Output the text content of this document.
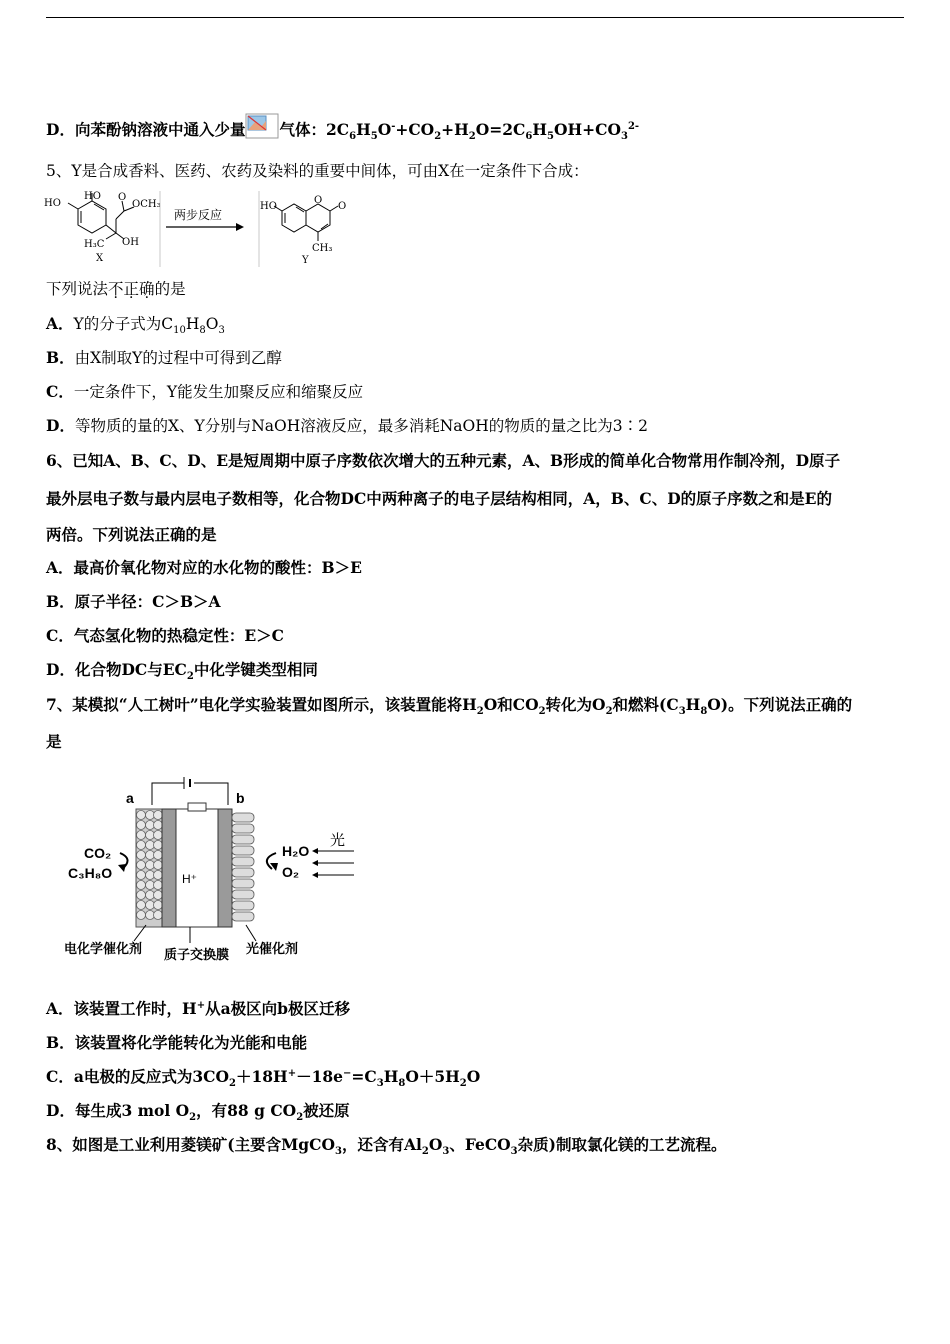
D．向苯酚钠溶液中通入少量 气体：$2C_6H_5O^-+CO_2+H_2O=2C_6H_5OH+CO_3^{2-}$
5、Y是合成香料、医药、农药及染料的重要中间体，可由X在一定条件下合成：
HO
HO O
OCH₃
H₃C OH
X
两步反应
HO
O
O
CH₃
Y
下列说法不正确的是
A．Y的分子式为$C_{10}H_8O_3$
B．由X制取Y的过程中可得到乙醇
C．一定条件下，Y能发生加聚反应和缩聚反应
D．等物质的量的X、Y分别与NaOH溶液反应，最多消耗NaOH的物质的量之比为3∶2
6、已知A、B、C、D、E是短周期中原子序数依次增大的五种元素，A、B形成的简单化合物常用作制冷剂，D原子
最外层电子数与最内层电子数相等，化合物DC中两种离子的电子层结构相同，A，B、C、D的原子序数之和是E的
两倍。下列说法正确的是
A．最高价氧化物对应的水化物的酸性：B＞E
B．原子半径：C＞B＞A
C．气态氢化物的热稳定性：E＞C
D．化合物DC与$EC_2$中化学键类型相同
7、某模拟“人工树叶”电化学实验装置如图所示，该装置能将$H_2O$和$CO_2$转化为$O_2$和燃料$(C_3H_8O)$。下列说法正确的
是
a	b
H⁺
CO₂
C₃H₈O
H₂O
O₂
光
电化学催化剂 质子交换膜 光催化剂
A．该装置工作时，H+从a极区向b极区迁移
B．该装置将化学能转化为光能和电能
C．a电极的反应式为$3CO_2+18H^+-18e^-=C_3H_8O+5H_2O$
D．每生成3 mol $O_2$，有88 g $CO_2$被还原
8、如图是工业利用菱镁矿(主要含MgCO$_3$，还含有$Al_2O_3$、FeCO$_3$杂质)制取氯化镁的工艺流程。
